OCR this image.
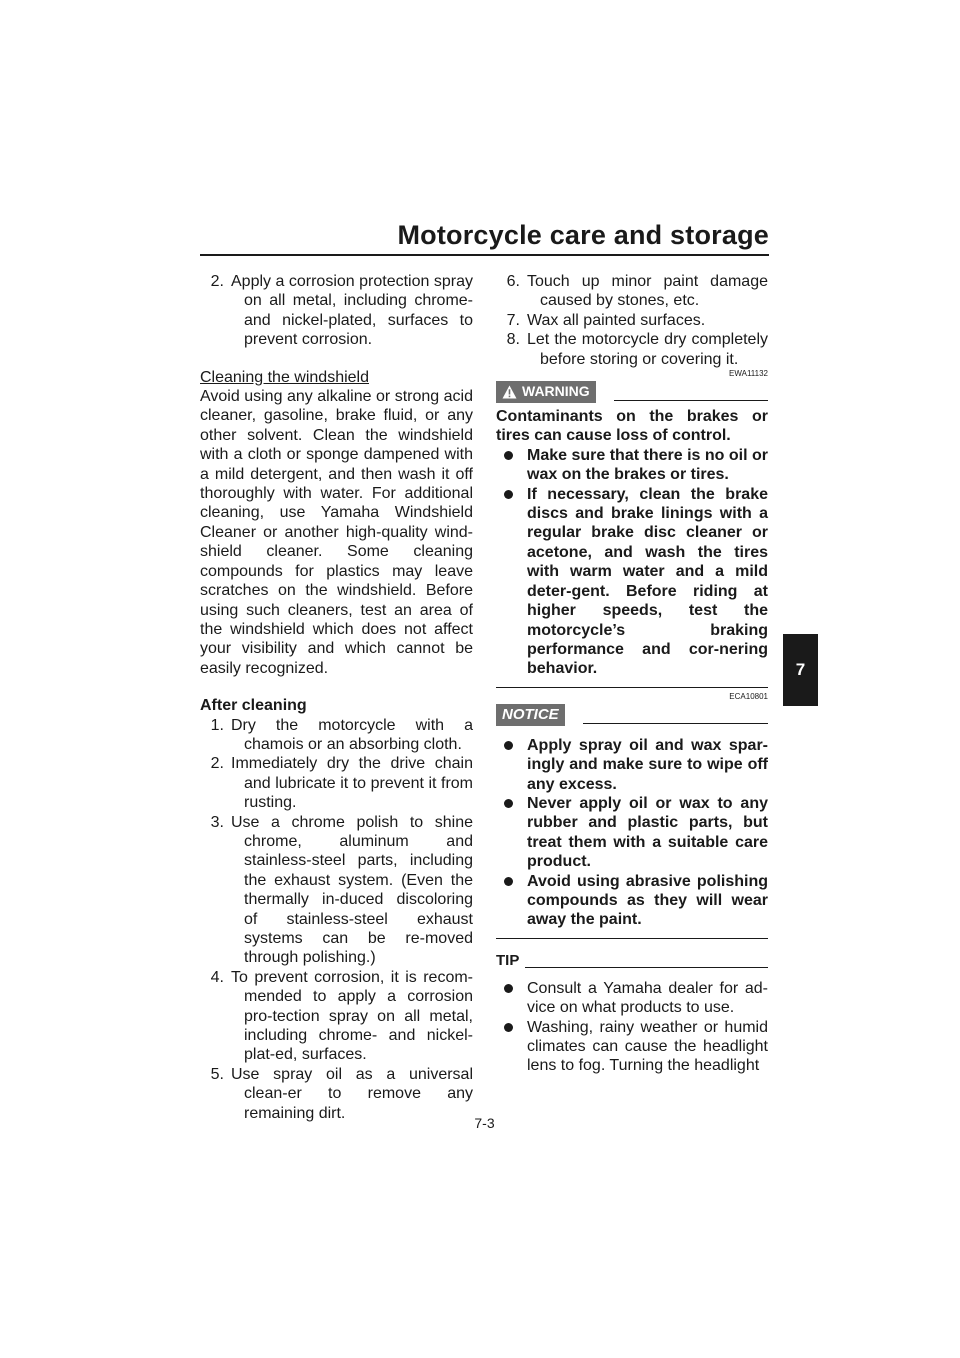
Motorcycle care and storage
7
2. Apply a corrosion protection spray on all metal, including chrome- and nickel-plated, surfaces to prevent corrosion.
Cleaning the windshield
Avoid using any alkaline or strong acid cleaner, gasoline, brake fluid, or any other solvent. Clean the windshield with a cloth or sponge dampened with a mild detergent, and then wash it off thoroughly with water. For additional cleaning, use Yamaha Windshield Cleaner or another high-quality wind-shield cleaner. Some cleaning compounds for plastics may leave scratches on the windshield. Before using such cleaners, test an area of the windshield which does not affect your visibility and which cannot be easily recognized.
After cleaning
1. Dry the motorcycle with a chamois or an absorbing cloth.
2. Immediately dry the drive chain and lubricate it to prevent it from rusting.
3. Use a chrome polish to shine chrome, aluminum and stainless-steel parts, including the exhaust system. (Even the thermally in-duced discoloring of stainless-steel exhaust systems can be re-moved through polishing.)
4. To prevent corrosion, it is recom-mended to apply a corrosion pro-tection spray on all metal, including chrome- and nickel-plat-ed, surfaces.
5. Use spray oil as a universal clean-er to remove any remaining dirt.
6. Touch up minor paint damage caused by stones, etc.
7. Wax all painted surfaces.
8. Let the motorcycle dry completely before storing or covering it.
EWA11132
WARNING
Contaminants on the brakes or tires can cause loss of control.
Make sure that there is no oil or wax on the brakes or tires.
If necessary, clean the brake discs and brake linings with a regular brake disc cleaner or acetone, and wash the tires with warm water and a mild deter-gent. Before riding at higher speeds, test the motorcycle’s braking performance and cor-nering behavior.
ECA10801
NOTICE
Apply spray oil and wax spar-ingly and make sure to wipe off any excess.
Never apply oil or wax to any rubber and plastic parts, but treat them with a suitable care product.
Avoid using abrasive polishing compounds as they will wear away the paint.
TIP
Consult a Yamaha dealer for ad-vice on what products to use.
Washing, rainy weather or humid climates can cause the headlight lens to fog. Turning the headlight
7-3
